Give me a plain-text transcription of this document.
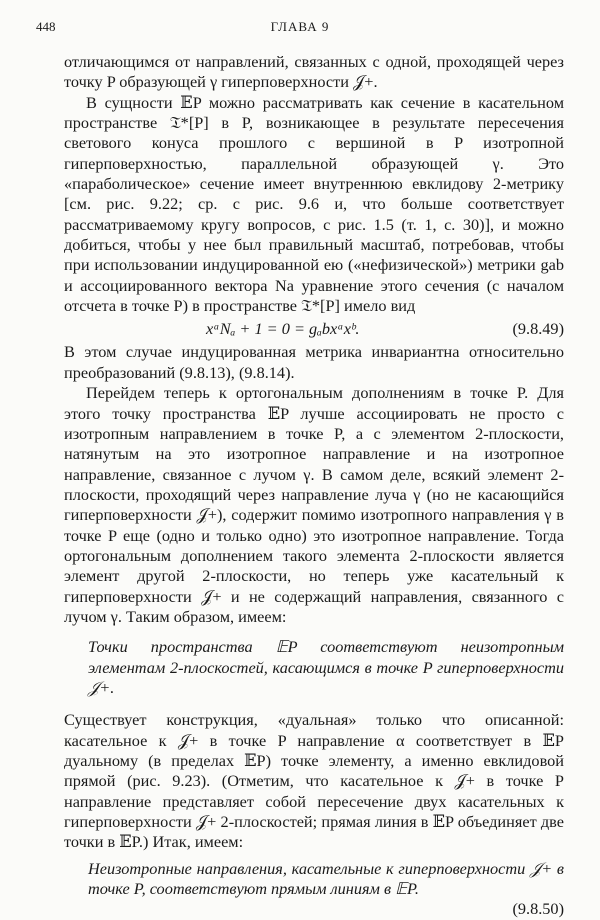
448	ГЛАВА 9

отличающимся от направлений, связанных с одной, проходящей через точку P образующей γ гиперповерхности 𝒥+.

В сущности 𝔼P можно рассматривать как сечение в касательном пространстве 𝔗*[P] в P, возникающее в результате пересечения светового конуса прошлого с вершиной в P изотропной гиперповерхностью, параллельной образующей γ. Это «параболическое» сечение имеет внутреннюю евклидову 2-метрику [см. рис. 9.22; ср. с рис. 9.6 и, что больше соответствует рассматриваемому кругу вопросов, с рис. 1.5 (т. 1, с. 30)], и можно добиться, чтобы у нее был правильный масштаб, потребовав, чтобы при использовании индуцированной ею («нефизической») метрики gab и ассоциированного вектора Na уравнение этого сечения (с началом отсчета в точке P) в пространстве 𝔗*[P] имело вид

xᵃNₐ + 1 = 0 = gₐbxᵃxᵇ.	(9.8.49)

В этом случае индуцированная метрика инвариантна относительно преобразований (9.8.13), (9.8.14).

Перейдем теперь к ортогональным дополнениям в точке P. Для этого точку пространства 𝔼P лучше ассоциировать не просто с изотропным направлением в точке P, а с элементом 2-плоскости, натянутым на это изотропное направление и на изотропное направление, связанное с лучом γ. В самом деле, всякий элемент 2-плоскости, проходящий через направление луча γ (но не касающийся гиперповерхности 𝒥+), содержит помимо изотропного направления γ в точке P еще (одно и только одно) это изотропное направление. Тогда ортогональным дополнением такого элемента 2-плоскости является элемент другой 2-плоскости, но теперь уже касательный к гиперповерхности 𝒥+ и не содержащий направления, связанного с лучом γ. Таким образом, имеем:

Точки пространства 𝔼P соответствуют неизотропным элементам 2-плоскостей, касающимся в точке P гиперповерхности 𝒥+.

Существует конструкция, «дуальная» только что описанной: касательное к 𝒥+ в точке P направление α соответствует в 𝔼P дуальному (в пределах 𝔼P) точке элементу, а именно евклидовой прямой (рис. 9.23). (Отметим, что касательное к 𝒥+ в точке P направление представляет собой пересечение двух касательных к гиперповерхности 𝒥+ 2-плоскостей; прямая линия в 𝔼P объединяет две точки в 𝔼P.) Итак, имеем:

Неизотропные направления, касательные к гиперповерхности 𝒥+ в точке P, соответствуют прямым линиям в 𝔼P.

(9.8.50)
